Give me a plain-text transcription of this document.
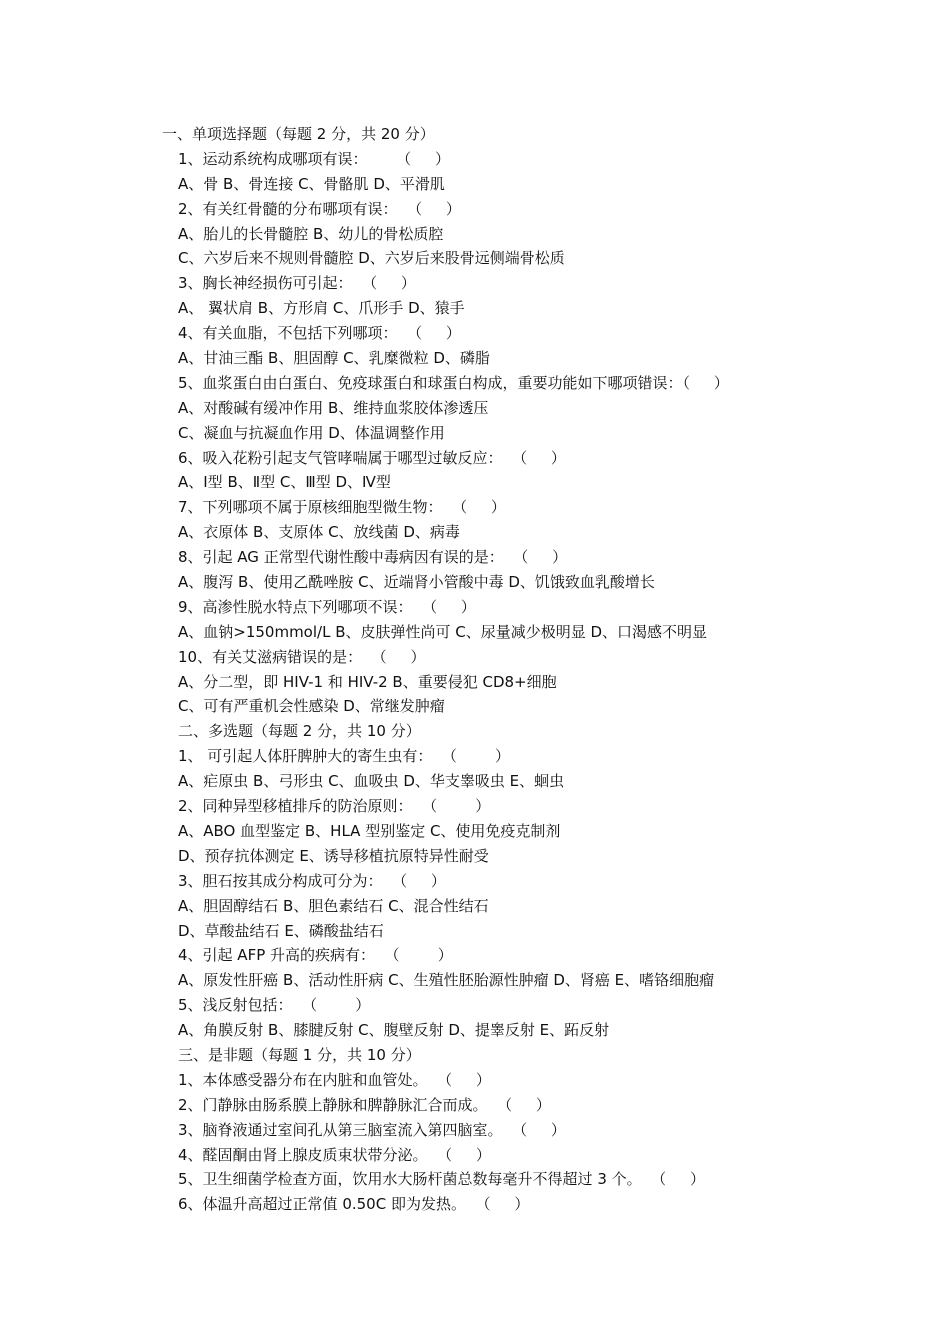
一、单项选择题（每题 2 分，共 20 分）
1、运动系统构成哪项有误：      （     ）
A、骨 B、骨连接 C、骨骼肌 D、平滑肌
2、有关红骨髓的分布哪项有误：  （     ）
A、胎儿的长骨髓腔 B、幼儿的骨松质腔
C、六岁后来不规则骨髓腔 D、六岁后来股骨远侧端骨松质
3、胸长神经损伤可引起：  （     ）
A、 翼状肩 B、方形肩 C、爪形手 D、猿手
4、有关血脂，不包括下列哪项：  （     ）
A、甘油三酯 B、胆固醇 C、乳糜微粒 D、磷脂
5、血浆蛋白由白蛋白、免疫球蛋白和球蛋白构成，重要功能如下哪项错误：（     ）
A、对酸碱有缓冲作用 B、维持血浆胶体渗透压
C、凝血与抗凝血作用 D、体温调整作用
6、吸入花粉引起支气管哮喘属于哪型过敏反应：  （     ）
A、Ⅰ型 B、Ⅱ型 C、Ⅲ型 D、Ⅳ型
7、下列哪项不属于原核细胞型微生物：  （     ）
A、衣原体 B、支原体 C、放线菌 D、病毒
8、引起 AG 正常型代谢性酸中毒病因有误的是：  （     ）
A、腹泻 B、使用乙酰唑胺 C、近端肾小管酸中毒 D、饥饿致血乳酸增长
9、高渗性脱水特点下列哪项不误：  （     ）
A、血钠>150mmol/L B、皮肤弹性尚可 C、尿量减少极明显 D、口渴感不明显
10、有关艾滋病错误的是：  （     ）
A、分二型，即 HIV-1 和 HIV-2 B、重要侵犯 CD8+细胞
C、可有严重机会性感染 D、常继发肿瘤
二、多选题（每题 2 分，共 10 分）
1、 可引起人体肝脾肿大的寄生虫有：  （        ）
A、疟原虫 B、弓形虫 C、血吸虫 D、华支睾吸虫 E、蛔虫
2、同种异型移植排斥的防治原则：  （        ）
A、ABO 血型鉴定 B、HLA 型别鉴定 C、使用免疫克制剂
D、预存抗体测定 E、诱导移植抗原特异性耐受
3、胆石按其成分构成可分为：  （     ）
A、胆固醇结石 B、胆色素结石 C、混合性结石
D、草酸盐结石 E、磷酸盐结石
4、引起 AFP 升高的疾病有：  （        ）
A、原发性肝癌 B、活动性肝病 C、生殖性胚胎源性肿瘤 D、肾癌 E、嗜铬细胞瘤
5、浅反射包括：  （        ）
A、角膜反射 B、膝腱反射 C、腹壁反射 D、提睾反射 E、跖反射
三、是非题（每题 1 分，共 10 分）
1、本体感受器分布在内脏和血管处。  （     ）
2、门静脉由肠系膜上静脉和脾静脉汇合而成。  （     ）
3、脑脊液通过室间孔从第三脑室流入第四脑室。  （     ）
4、醛固酮由肾上腺皮质束状带分泌。  （     ）
5、卫生细菌学检查方面，饮用水大肠杆菌总数每毫升不得超过 3 个。  （     ）
6、体温升高超过正常值 0.50C 即为发热。  （     ）
